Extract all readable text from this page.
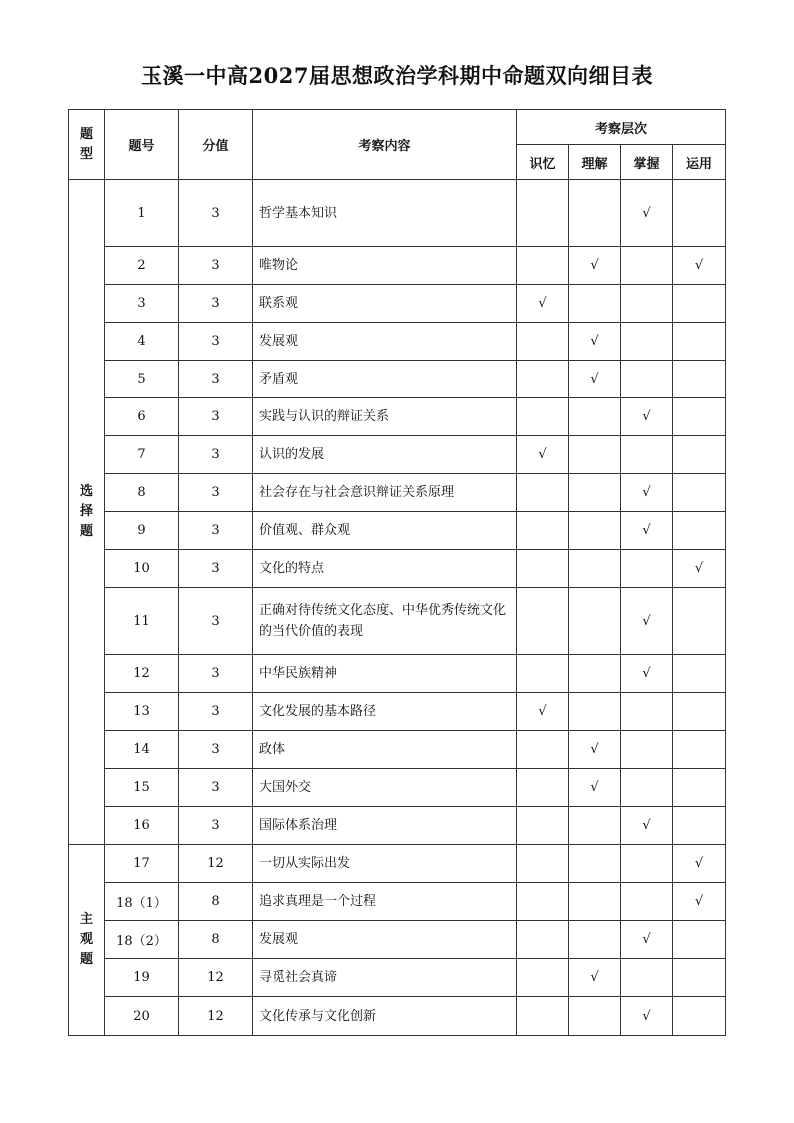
玉溪一中高2027届思想政治学科期中命题双向细目表
题型	题号	分值	考察内容	考察层次			
				识忆	理解	掌握	运用
选择题	1	3	哲学基本知识			√	
	2	3	唯物论		√		√
	3	3	联系观	√			
	4	3	发展观		√		
	5	3	矛盾观		√		
	6	3	实践与认识的辩证关系			√	
	7	3	认识的发展	√			
	8	3	社会存在与社会意识辩证关系原理			√	
	9	3	价值观、群众观			√	
	10	3	文化的特点				√
	11	3	正确对待传统文化态度、中华优秀传统文化的当代价值的表现			√	
	12	3	中华民族精神			√	
	13	3	文化发展的基本路径	√			
	14	3	政体		√		
	15	3	大国外交		√		
	16	3	国际体系治理			√	
主观题	17	12	一切从实际出发				√
	18（1）	8	追求真理是一个过程				√
	18（2）	8	发展观			√	
	19	12	寻觅社会真谛		√		
	20	12	文化传承与文化创新			√	
